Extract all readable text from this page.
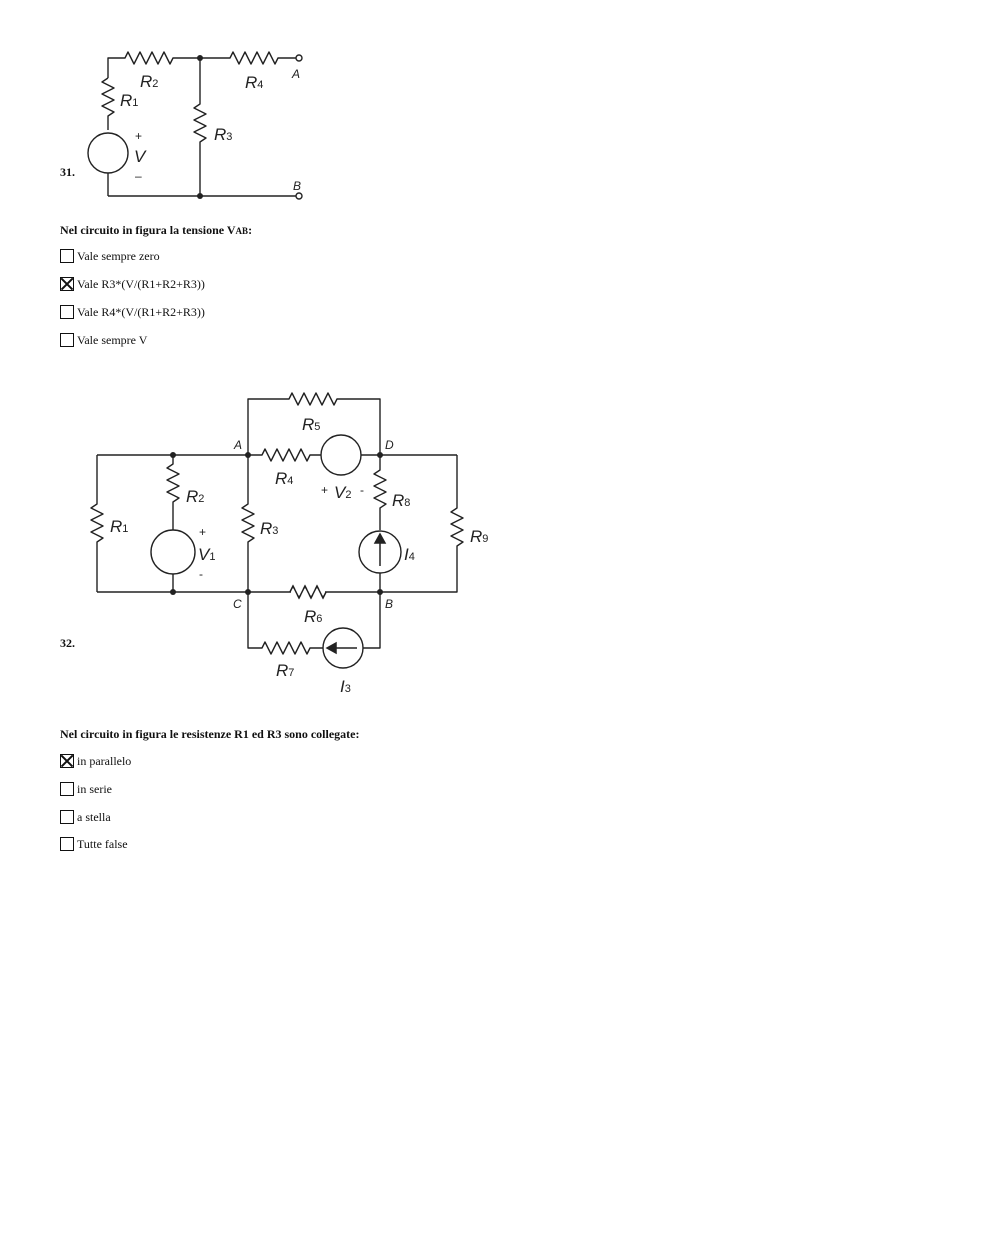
R2	R4
A
R1
R3
+
V
–
B
31.
Nel circuito in figura la tensione VAB:
Vale sempre zero
Vale R3*(V/(R1+R2+R3))
Vale R4*(V/(R1+R2+R3))
Vale sempre V
R5
A	D
R4
+ V2 -
R2	R8
R1	+	R3	R9
V1	I4
-
C	B
R6
R7
I3
32.
Nel circuito in figura le resistenze R1 ed R3 sono collegate:
in parallelo
in serie
a stella
Tutte false
